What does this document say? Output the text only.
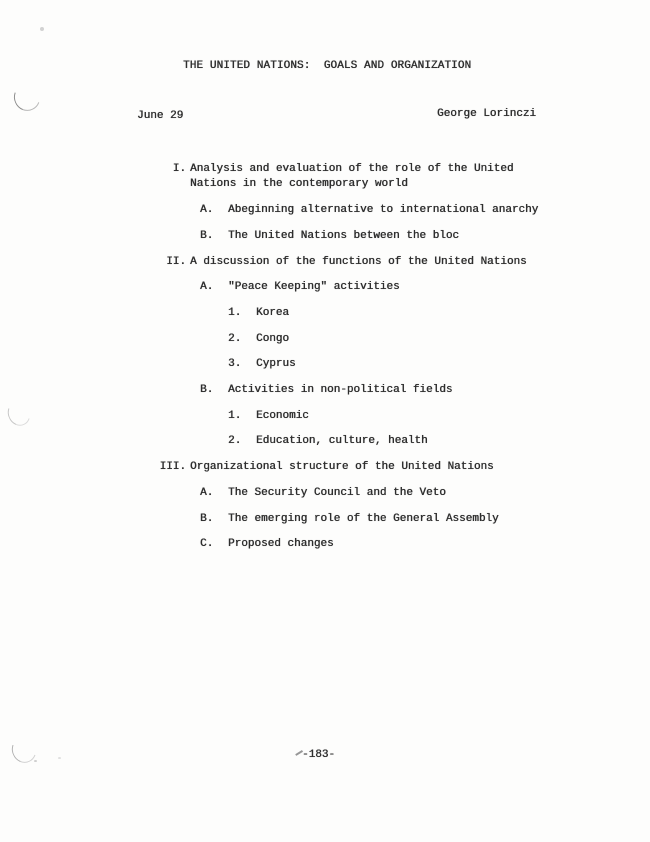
THE UNITED NATIONS:  GOALS AND ORGANIZATION
June 29	George Lorinczi
I. Analysis and evaluation of the role of the United Nations in the contemporary world
A. Abeginning alternative to international anarchy
B. The United Nations between the bloc
II. A discussion of the functions of the United Nations
A. "Peace Keeping" activities
1. Korea
2. Congo
3. Cyprus
B. Activities in non-political fields
1. Economic
2. Education, culture, health
III. Organizational structure of the United Nations
A. The Security Council and the Veto
B. The emerging role of the General Assembly
C. Proposed changes
-183-
